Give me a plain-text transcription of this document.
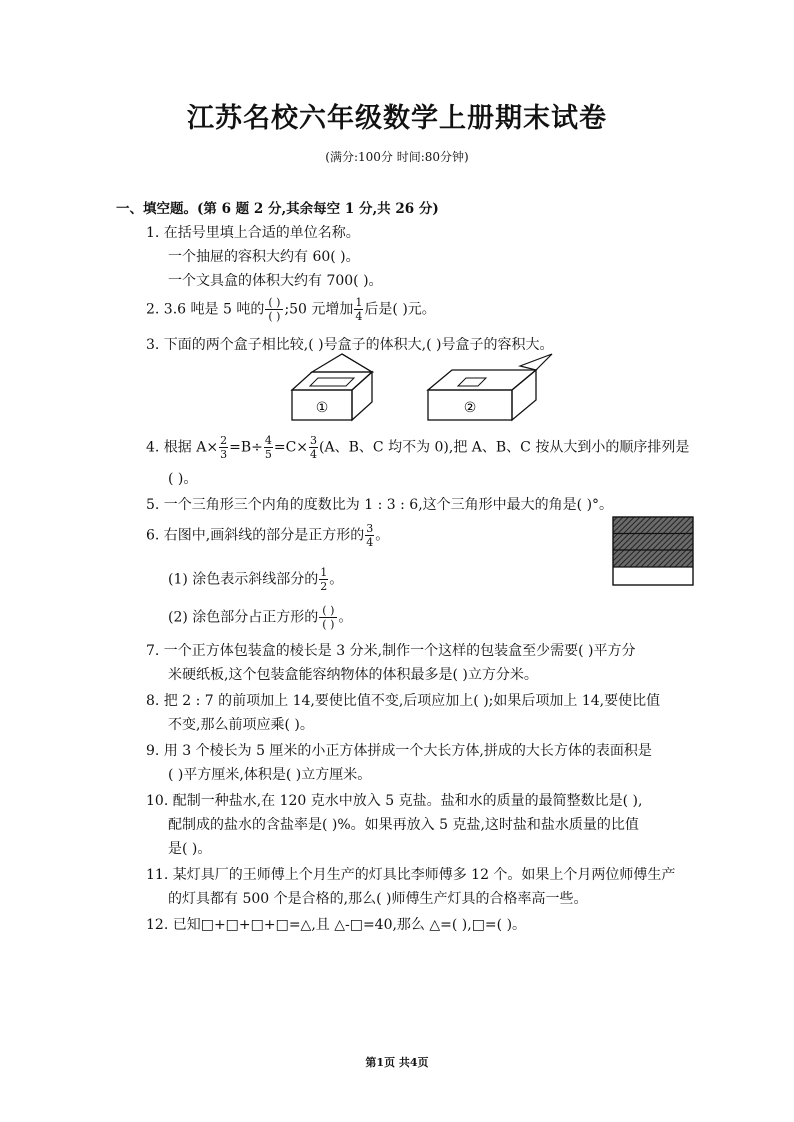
江苏名校六年级数学上册期末试卷
(满分:100分 时间:80分钟)
一、填空题。(第 6 题 2 分,其余每空 1 分,共 26 分)
1. 在括号里填上合适的单位名称。
一个抽屉的容积大约有 60( )。
一个文具盒的体积大约有 700( )。
2. 3.6 吨是 5 吨的 $\frac{( )}{( )}$ ;50 元增加 $\frac{1}{4}$ 后是( )元。
3. 下面的两个盒子相比较,( )号盒子的体积大,( )号盒子的容积大。
①	②
4. 根据 $A\times \frac{2}{3} =B\div \frac{4}{5} =C\times \frac{3}{4} (A$、B、C 均不为 0),把 A、B、C 按从大到小的顺序排列是
( )。
5. 一个三角形三个内角的度数比为 1 : 3 : 6,这个三角形中最大的角是( )°。
6. 右图中,画斜线的部分是正方形的 $\frac{3}{4}$ 。
(1) 涂色表示斜线部分的 $\frac{1}{2}$ 。
(2) 涂色部分占正方形的 $\frac{( )}{( )}$ 。
7. 一个正方体包装盒的棱长是 3 分米,制作一个这样的包装盒至少需要( )平方分
米硬纸板,这个包装盒能容纳物体的体积最多是( )立方分米。
8. 把 2 : 7 的前项加上 14,要使比值不变,后项应加上( );如果后项加上 14,要使比值
不变,那么前项应乘( )。
9. 用 3 个棱长为 5 厘米的小正方体拼成一个大长方体,拼成的大长方体的表面积是
( )平方厘米,体积是( )立方厘米。
10. 配制一种盐水,在 120 克水中放入 5 克盐。盐和水的质量的最简整数比是( ),
配制成的盐水的含盐率是( )%。如果再放入 5 克盐,这时盐和盐水质量的比值
是( )。
11. 某灯具厂的王师傅上个月生产的灯具比李师傅多 12 个。如果上个月两位师傅生产
的灯具都有 500 个是合格的,那么( )师傅生产灯具的合格率高一些。
12. 已知□+□+□+□=△,且 △-□=40,那么 △=( ),□=( )。
第1页 共4页
